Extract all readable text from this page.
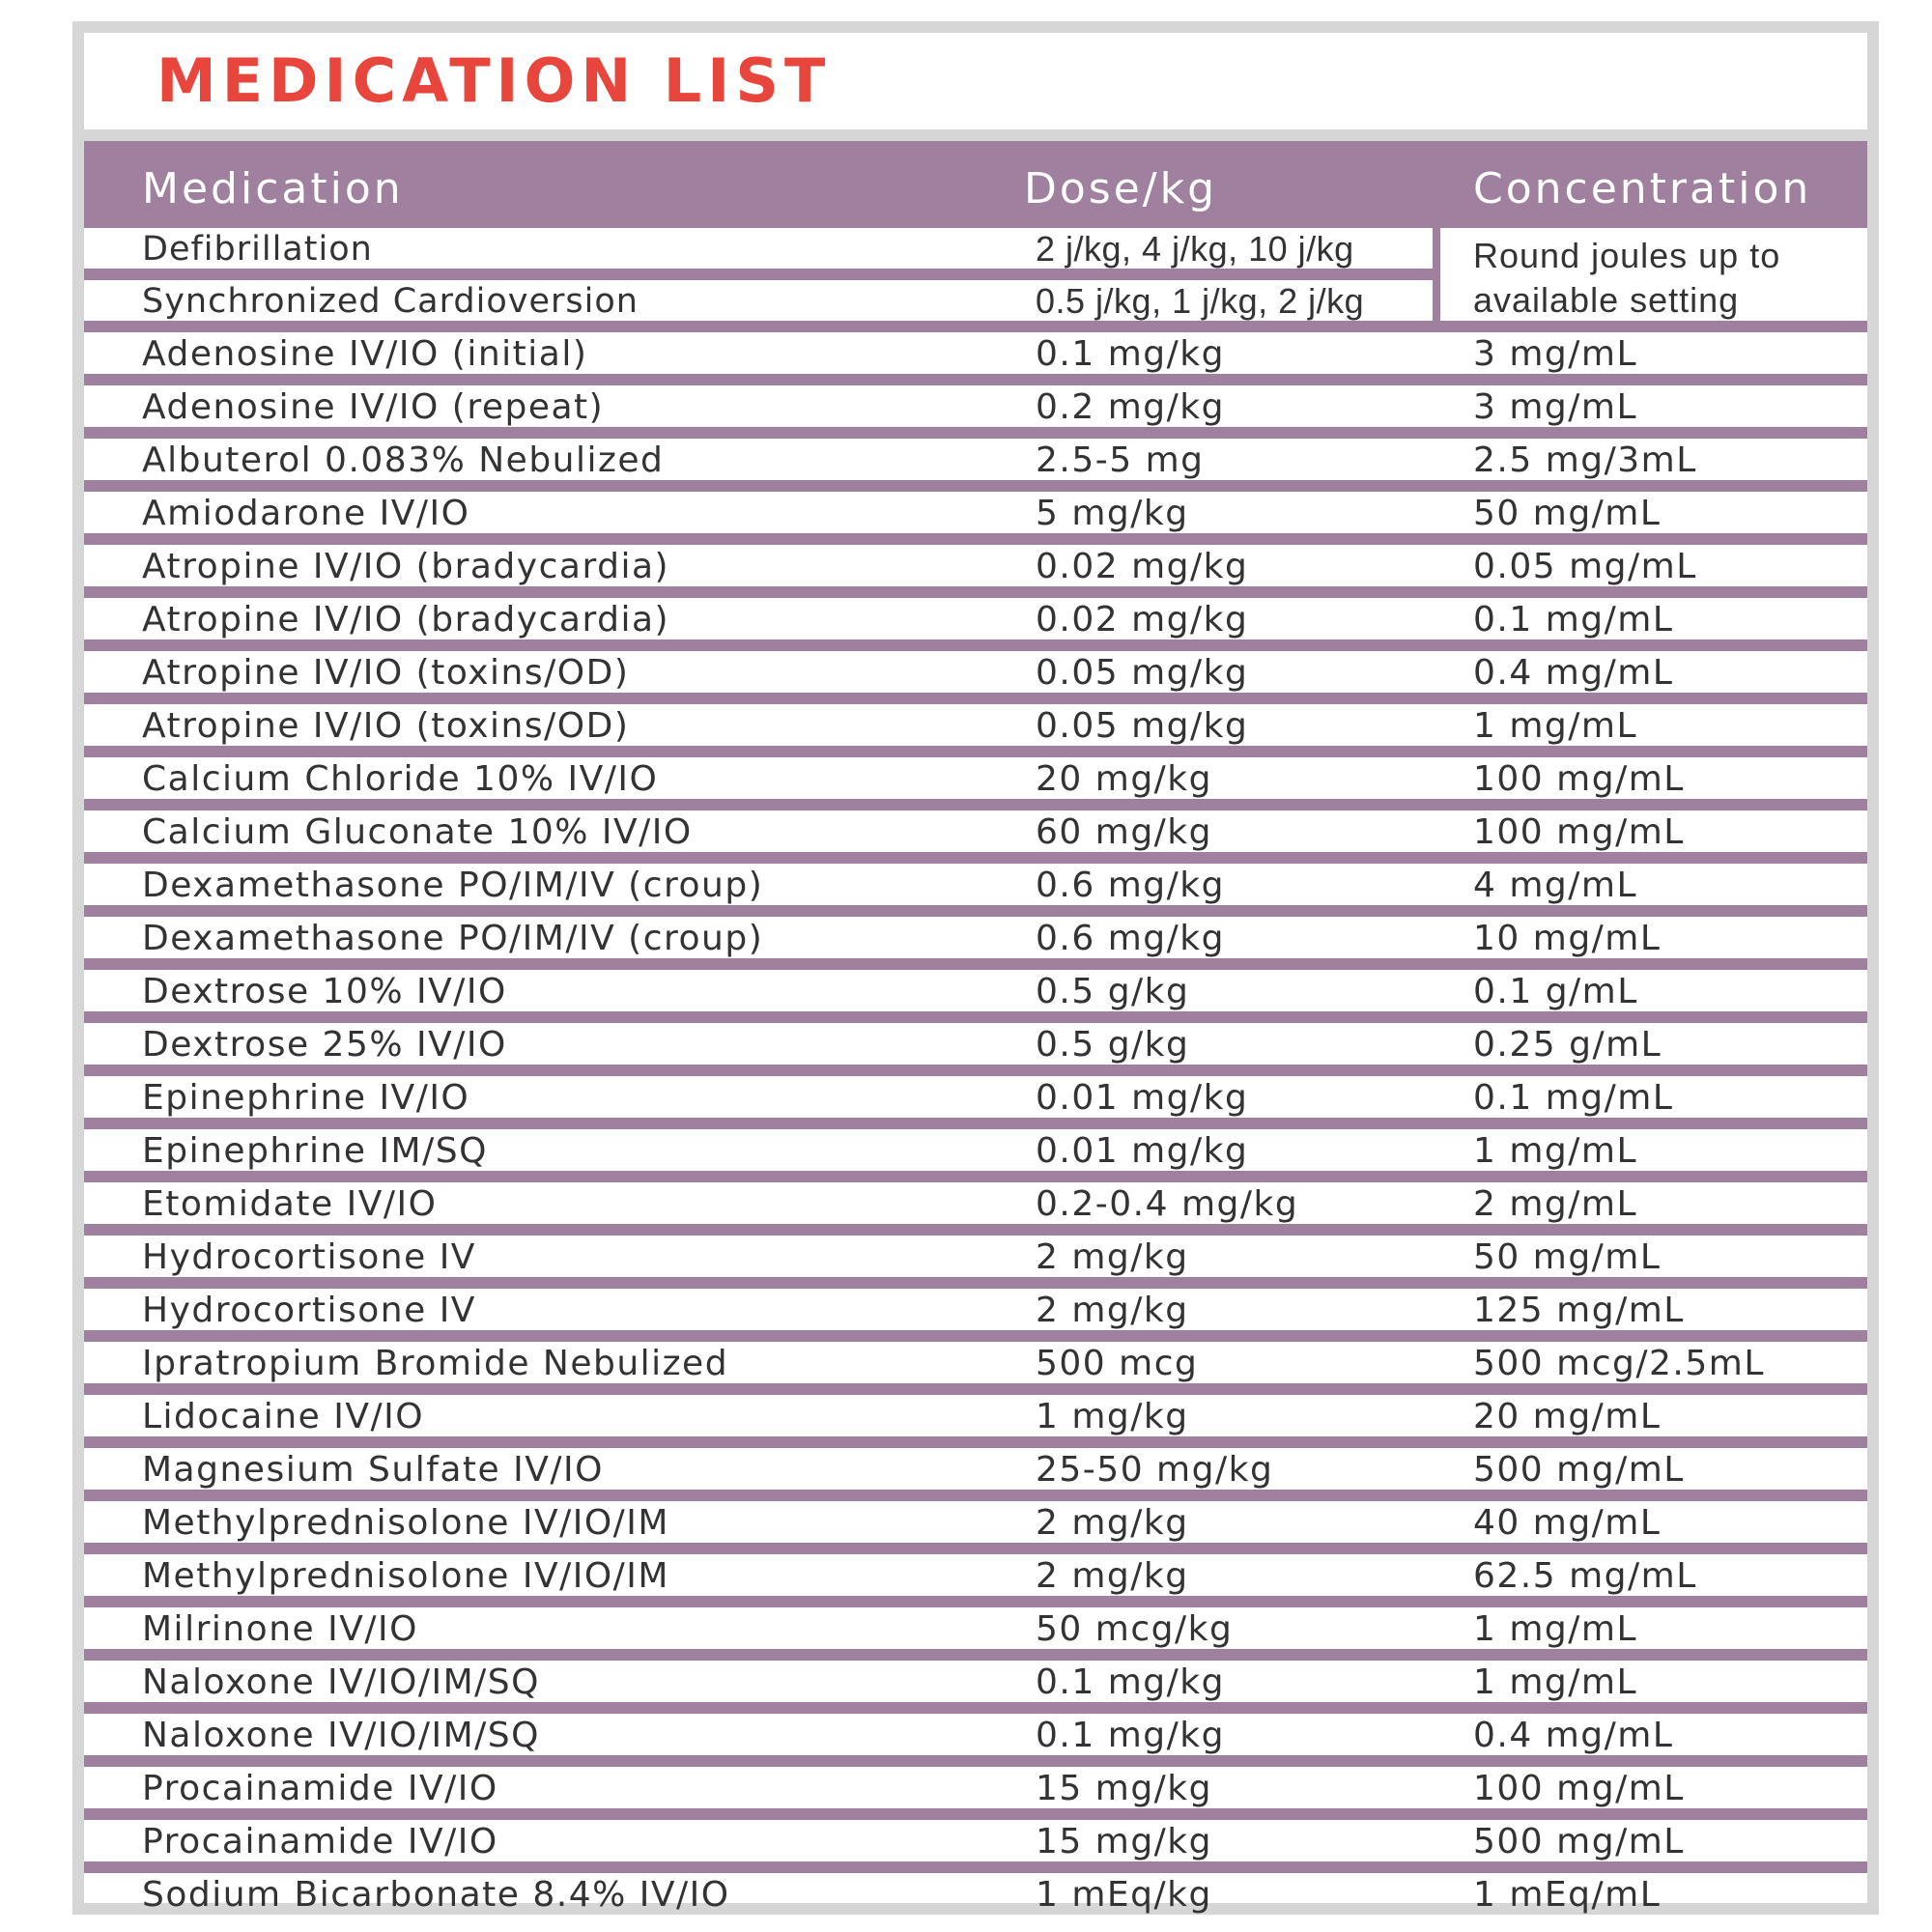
MEDICATION LIST
Medication	Dose/kg	Concentration
Defibrillation	2 j/kg, 4 j/kg, 10 j/kg
Synchronized Cardioversion	0.5 j/kg, 1 j/kg, 2 j/kg
Round joules up to available setting
Adenosine IV/IO (initial)	0.1 mg/kg	3 mg/mL
Adenosine IV/IO (repeat)	0.2 mg/kg	3 mg/mL
Albuterol 0.083% Nebulized	2.5-5 mg	2.5 mg/3mL
Amiodarone IV/IO	5 mg/kg	50 mg/mL
Atropine IV/IO (bradycardia)	0.02 mg/kg	0.05 mg/mL
Atropine IV/IO (bradycardia)	0.02 mg/kg	0.1 mg/mL
Atropine IV/IO (toxins/OD)	0.05 mg/kg	0.4 mg/mL
Atropine IV/IO (toxins/OD)	0.05 mg/kg	1 mg/mL
Calcium Chloride 10% IV/IO	20 mg/kg	100 mg/mL
Calcium Gluconate 10% IV/IO	60 mg/kg	100 mg/mL
Dexamethasone PO/IM/IV (croup)	0.6 mg/kg	4 mg/mL
Dexamethasone PO/IM/IV (croup)	0.6 mg/kg	10 mg/mL
Dextrose 10% IV/IO	0.5 g/kg	0.1 g/mL
Dextrose 25% IV/IO	0.5 g/kg	0.25 g/mL
Epinephrine IV/IO	0.01 mg/kg	0.1 mg/mL
Epinephrine IM/SQ	0.01 mg/kg	1 mg/mL
Etomidate IV/IO	0.2-0.4 mg/kg	2 mg/mL
Hydrocortisone IV	2 mg/kg	50 mg/mL
Hydrocortisone IV	2 mg/kg	125 mg/mL
Ipratropium Bromide Nebulized	500 mcg	500 mcg/2.5mL
Lidocaine IV/IO	1 mg/kg	20 mg/mL
Magnesium Sulfate IV/IO	25-50 mg/kg	500 mg/mL
Methylprednisolone IV/IO/IM	2 mg/kg	40 mg/mL
Methylprednisolone IV/IO/IM	2 mg/kg	62.5 mg/mL
Milrinone IV/IO	50 mcg/kg	1 mg/mL
Naloxone IV/IO/IM/SQ	0.1 mg/kg	1 mg/mL
Naloxone IV/IO/IM/SQ	0.1 mg/kg	0.4 mg/mL
Procainamide IV/IO	15 mg/kg	100 mg/mL
Procainamide IV/IO	15 mg/kg	500 mg/mL
Sodium Bicarbonate 8.4% IV/IO	1 mEq/kg	1 mEq/mL
